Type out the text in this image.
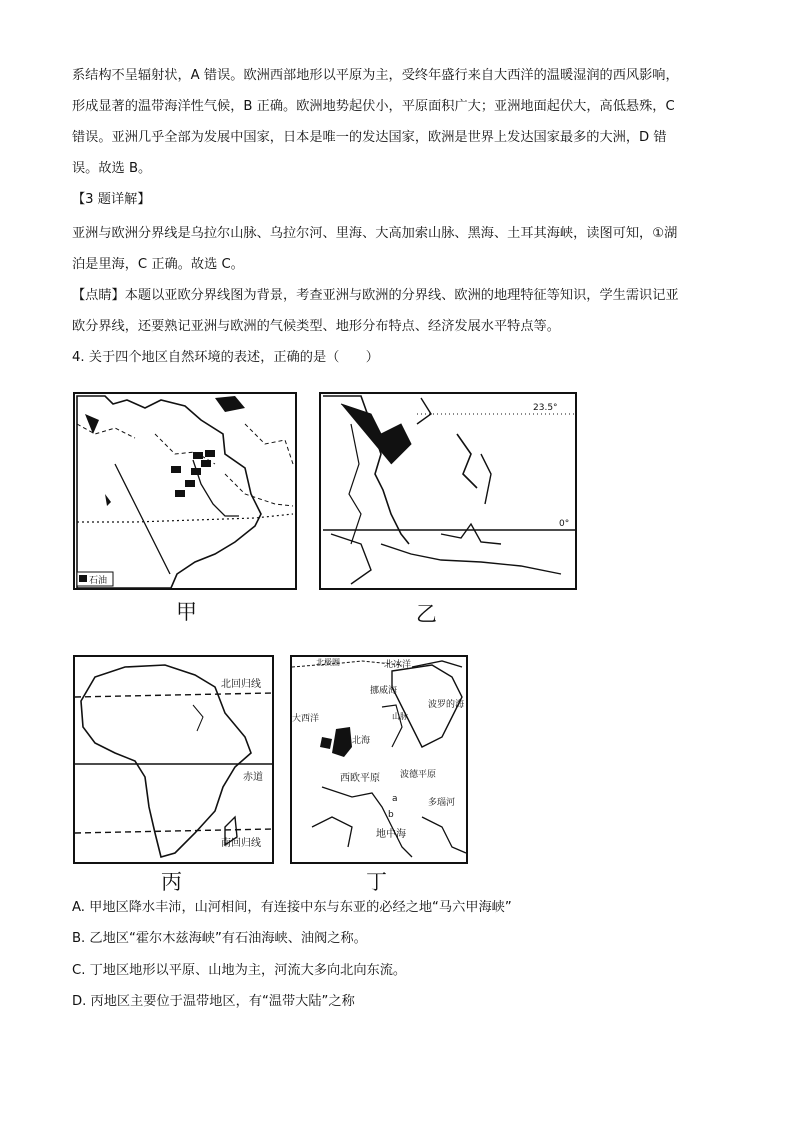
系结构不呈辐射状，A 错误。欧洲西部地形以平原为主，受终年盛行来自大西洋的温暖湿润的西风影响，
形成显著的温带海洋性气候，B 正确。欧洲地势起伏小，平原面积广大；亚洲地面起伏大，高低悬殊，C
错误。亚洲几乎全部为发展中国家，日本是唯一的发达国家，欧洲是世界上发达国家最多的大洲，D 错
误。故选 B。
【3 题详解】
亚洲与欧洲分界线是乌拉尔山脉、乌拉尔河、里海、大高加索山脉、黑海、土耳其海峡，读图可知，①湖
泊是里海，C 正确。故选 C。
【点睛】本题以亚欧分界线图为背景，考查亚洲与欧洲的分界线、欧洲的地理特征等知识，学生需识记亚
欧分界线，还要熟记亚洲与欧洲的气候类型、地形分布特点、经济发展水平特点等。
4. 关于四个地区自然环境的表述，正确的是（　　）
石油
甲
23.5°
0°
乙
北回归线
赤道
南回归线
丙
北极圈	北冰洋
挪威海
大西洋
北海
山脉
波罗的海
西欧平原 波德平原
多瑙河
a
b
地中海
丁
A. 甲地区降水丰沛，山河相间，有连接中东与东亚的必经之地“马六甲海峡”
B. 乙地区“霍尔木兹海峡”有石油海峡、油阀之称。
C. 丁地区地形以平原、山地为主，河流大多向北向东流。
D. 丙地区主要位于温带地区，有“温带大陆”之称
